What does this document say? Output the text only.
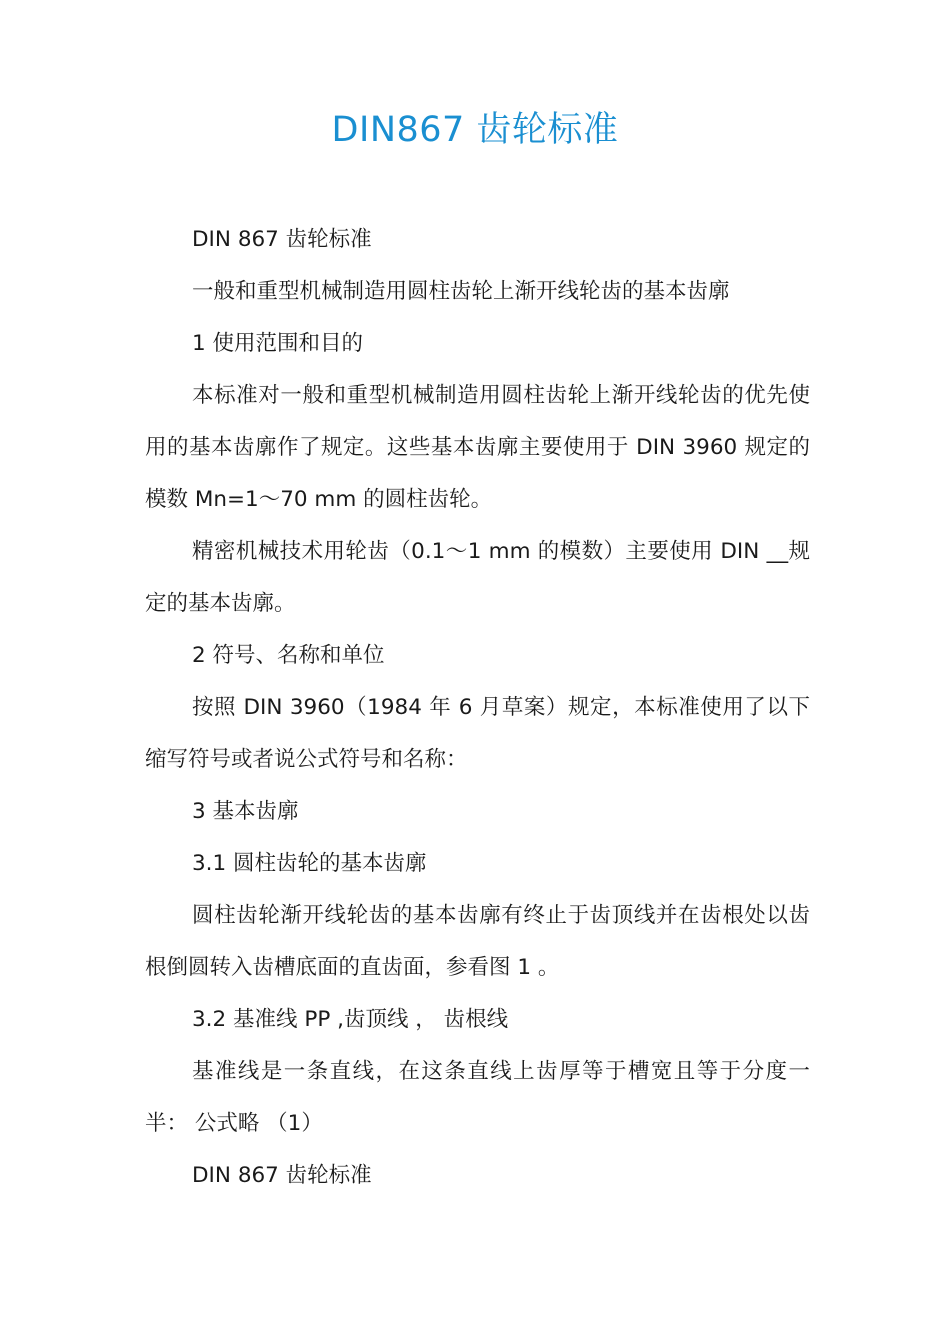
DIN867 齿轮标准

DIN 867 齿轮标准

一般和重型机械制造用圆柱齿轮上渐开线轮齿的基本齿廓

1 使用范围和目的

本标准对一般和重型机械制造用圆柱齿轮上渐开线轮齿的优先使用的基本齿廓作了规定。这些基本齿廓主要使用于 DIN 3960 规定的模数 Mn=1～70 mm 的圆柱齿轮。

精密机械技术用轮齿（0.1～1 mm 的模数）主要使用 DIN __规定的基本齿廓。

2 符号、名称和单位

按照 DIN 3960（1984 年 6 月草案）规定，本标准使用了以下缩写符号或者说公式符号和名称：

3 基本齿廓

3.1 圆柱齿轮的基本齿廓

圆柱齿轮渐开线轮齿的基本齿廓有终止于齿顶线并在齿根处以齿根倒圆转入齿槽底面的直齿面，参看图 1 。

3.2 基准线 PP ,齿顶线 ， 齿根线

基准线是一条直线，在这条直线上齿厚等于槽宽且等于分度一半： 公式略 （1）

DIN 867 齿轮标准
